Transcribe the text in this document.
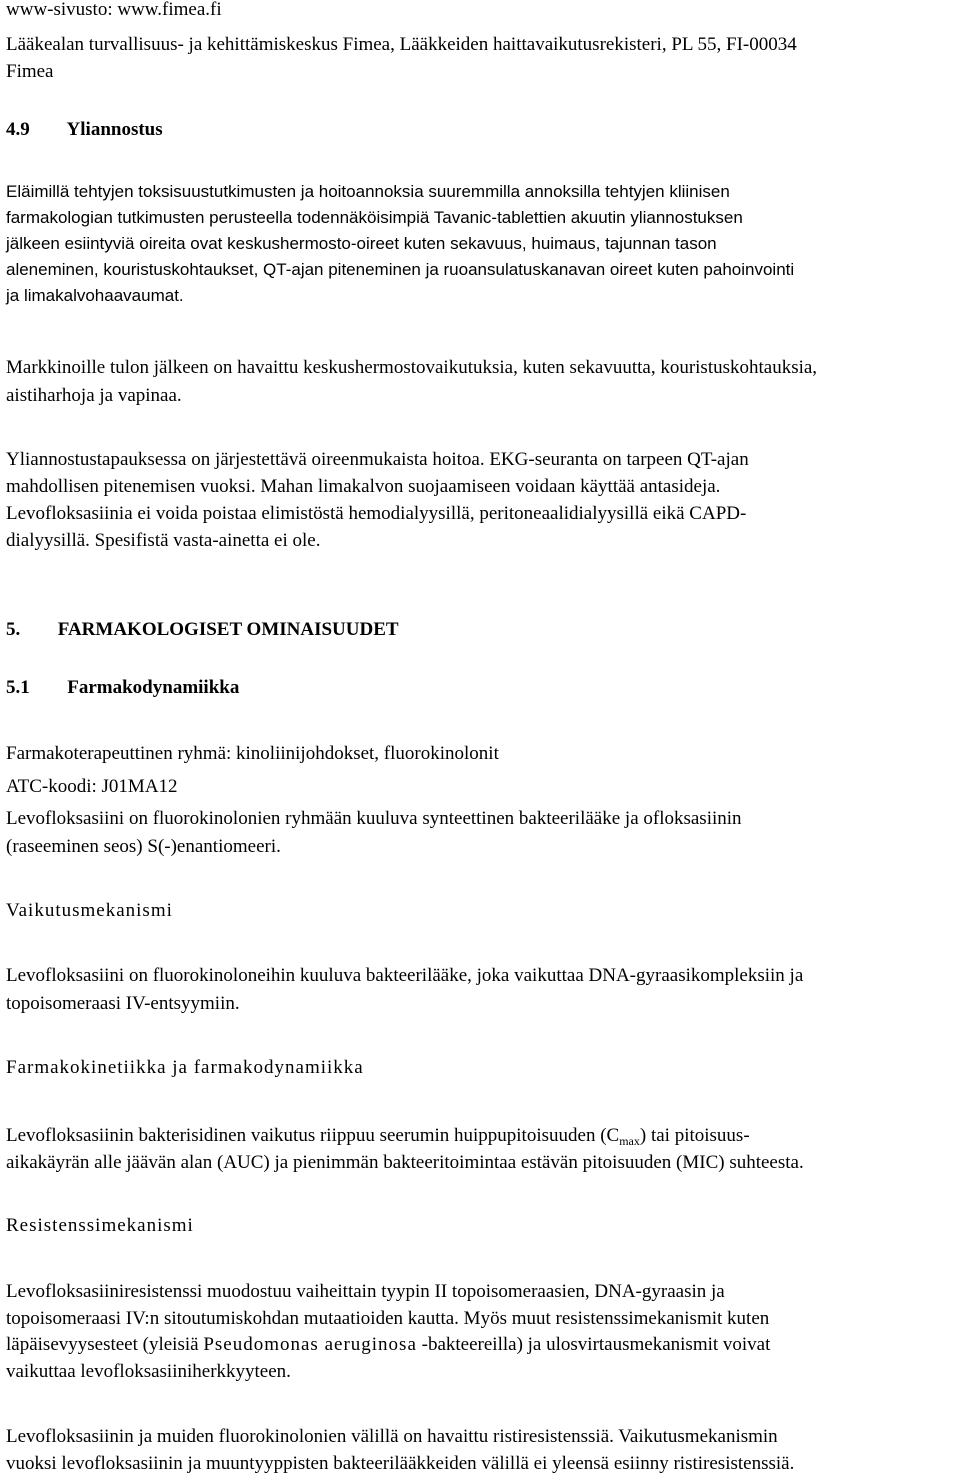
www-sivusto: www.fimea.fi
Lääkealan turvallisuus- ja kehittämiskeskus Fimea, Lääkkeiden haittavaikutusrekisteri, PL 55, FI-00034
Fimea
4.9 Yliannostus
Eläimillä tehtyjen toksisuustutkimusten ja hoitoannoksia suuremmilla annoksilla tehtyjen kliinisen
farmakologian tutkimusten perusteella todennäköisimpiä Tavanic-tablettien akuutin yliannostuksen
jälkeen esiintyviä oireita ovat keskushermosto-oireet kuten sekavuus, huimaus, tajunnan tason
aleneminen, kouristuskohtaukset, QT-ajan piteneminen ja ruoansulatuskanavan oireet kuten pahoinvointi
ja limakalvohaavaumat.
Markkinoille tulon jälkeen on havaittu keskushermostovaikutuksia, kuten sekavuutta, kouristuskohtauksia,
aistiharhoja ja vapinaa.
Yliannostustapauksessa on järjestettävä oireenmukaista hoitoa. EKG-seuranta on tarpeen QT-ajan
mahdollisen pitenemisen vuoksi. Mahan limakalvon suojaamiseen voidaan käyttää antasideja.
Levofloksasiinia ei voida poistaa elimistöstä hemodialyysillä, peritoneaalidialyysillä eikä CAPD-
dialyysillä. Spesifistä vasta-ainetta ei ole.
5. FARMAKOLOGISET OMINAISUUDET
5.1 Farmakodynamiikka
Farmakoterapeuttinen ryhmä: kinoliinijohdokset, fluorokinolonit
ATC-koodi: J01MA12
Levofloksasiini on fluorokinolonien ryhmään kuuluva synteettinen bakteerilääke ja ofloksasiinin
(raseeminen seos) S(-)enantiomeeri.
Vaikutusmekanismi
Levofloksasiini on fluorokinoloneihin kuuluva bakteerilääke, joka vaikuttaa DNA-gyraasikompleksiin ja
topoisomeraasi IV-entsyymiin.
Farmakokinetiikka ja farmakodynamiikka
Levofloksasiinin bakterisidinen vaikutus riippuu seerumin huippupitoisuuden $(C_{max})$ tai pitoisuus-
aikakäyrän alle jäävän alan (AUC) ja pienimmän bakteeritoimintaa estävän pitoisuuden (MIC) suhteesta.
Resistenssimekanismi
Levofloksasiiniresistenssi muodostuu vaiheittain tyypin II topoisomeraasien, DNA-gyraasin ja
topoisomeraasi IV:n sitoutumiskohdan mutaatioiden kautta. Myös muut resistenssimekanismit kuten
läpäisevyysesteet (yleisiä Pseudomonas aeruginosa -bakteereilla) ja ulosvirtausmekanismit voivat
vaikuttaa levofloksasiiniherkkyyteen.
Levofloksasiinin ja muiden fluorokinolonien välillä on havaittu ristiresistenssiä. Vaikutusmekanismin
vuoksi levofloksasiinin ja muuntyyppisten bakteerilääkkeiden välillä ei yleensä esiinny ristiresistenssiä.
